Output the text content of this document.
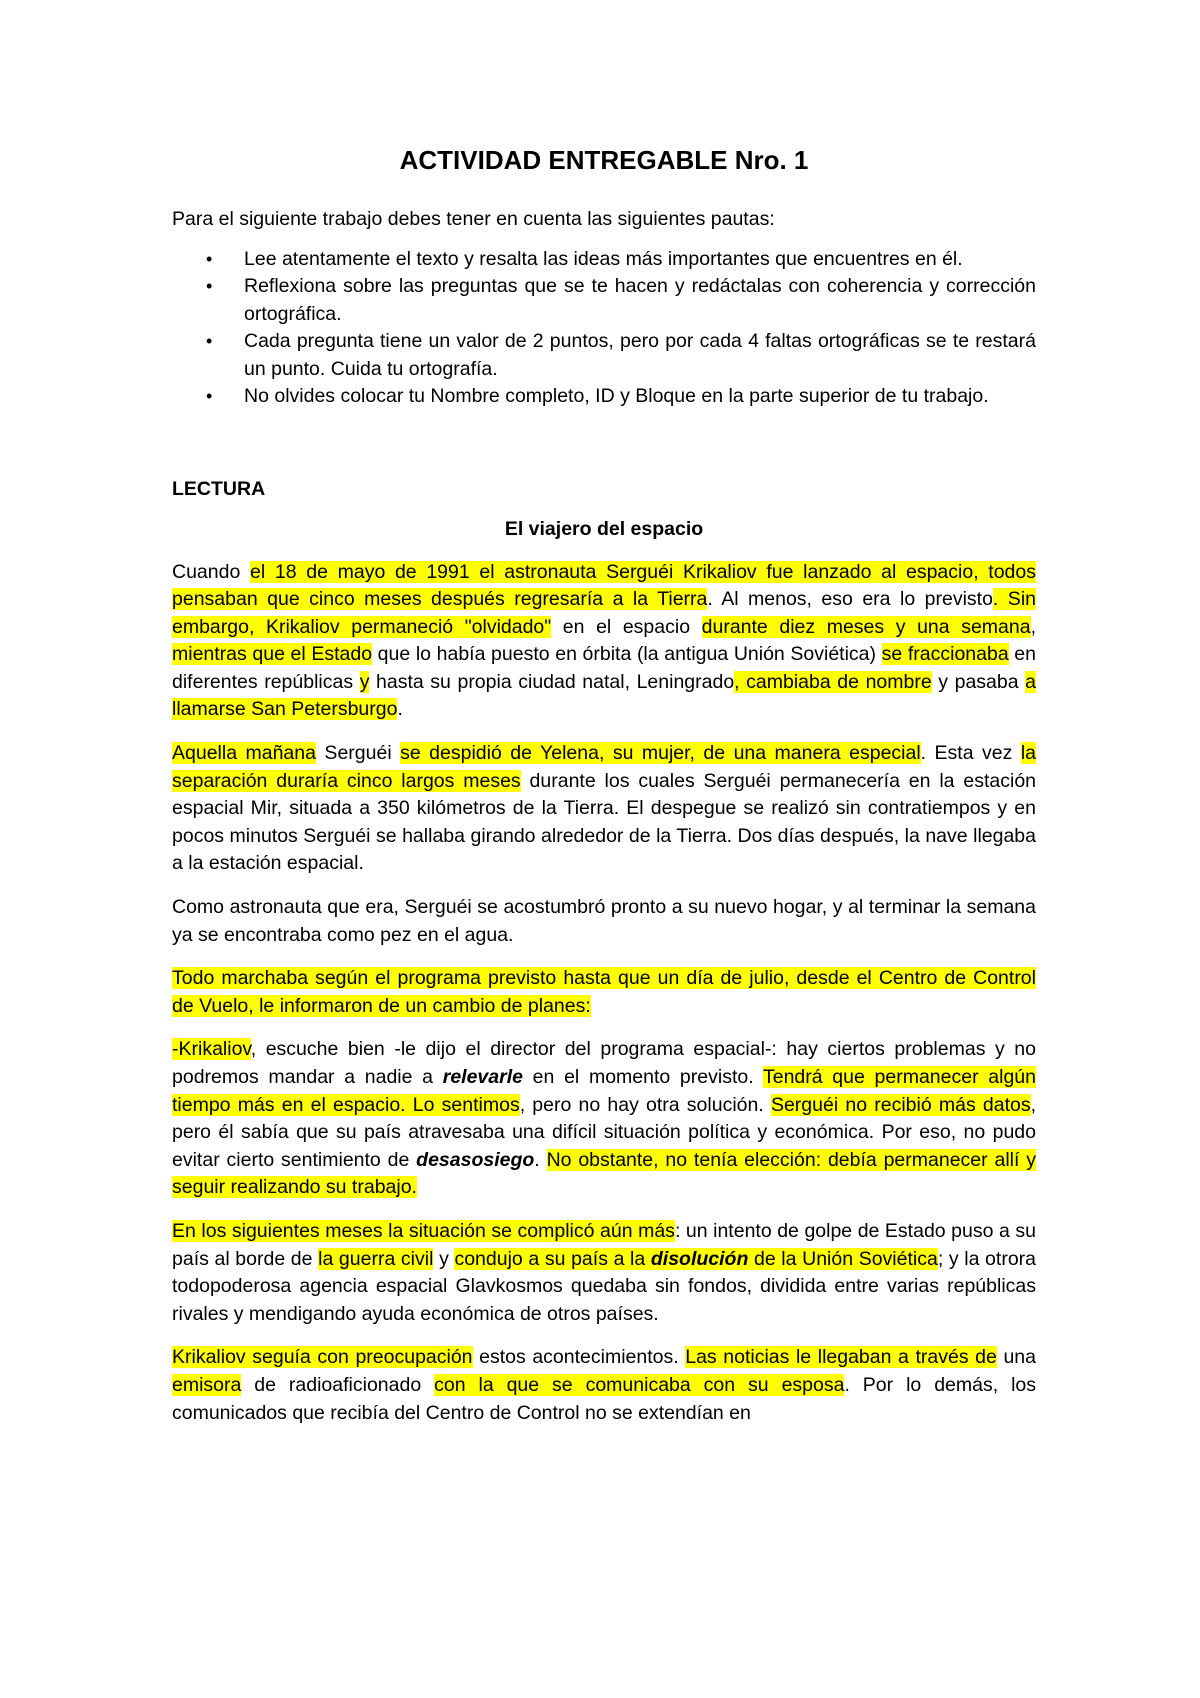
ACTIVIDAD ENTREGABLE Nro. 1

Para el siguiente trabajo debes tener en cuenta las siguientes pautas:

• Lee atentamente el texto y resalta las ideas más importantes que encuentres en él.
• Reflexiona sobre las preguntas que se te hacen y redáctalas con coherencia y corrección ortográfica.
• Cada pregunta tiene un valor de 2 puntos, pero por cada 4 faltas ortográficas se te restará un punto. Cuida tu ortografía.
• No olvides colocar tu Nombre completo, ID y Bloque en la parte superior de tu trabajo.
LECTURA
El viajero del espacio

Cuando el 18 de mayo de 1991 el astronauta Serguéi Krikaliov fue lanzado al espacio, todos pensaban que cinco meses después regresaría a la Tierra. Al menos, eso era lo previsto. Sin embargo, Krikaliov permaneció "olvidado" en el espacio durante diez meses y una semana, mientras que el Estado que lo había puesto en órbita (la antigua Unión Soviética) se fraccionaba en diferentes repúblicas y hasta su propia ciudad natal, Leningrado, cambiaba de nombre y pasaba a llamarse San Petersburgo.

Aquella mañana Serguéi se despidió de Yelena, su mujer, de una manera especial. Esta vez la separación duraría cinco largos meses durante los cuales Serguéi permanecería en la estación espacial Mir, situada a 350 kilómetros de la Tierra. El despegue se realizó sin contratiempos y en pocos minutos Serguéi se hallaba girando alrededor de la Tierra. Dos días después, la nave llegaba a la estación espacial.

Como astronauta que era, Serguéi se acostumbró pronto a su nuevo hogar, y al terminar la semana ya se encontraba como pez en el agua.

Todo marchaba según el programa previsto hasta que un día de julio, desde el Centro de Control de Vuelo, le informaron de un cambio de planes:

-Krikaliov, escuche bien -le dijo el director del programa espacial-: hay ciertos problemas y no podremos mandar a nadie a relevarle en el momento previsto. Tendrá que permanecer algún tiempo más en el espacio. Lo sentimos, pero no hay otra solución. Serguéi no recibió más datos, pero él sabía que su país atravesaba una difícil situación política y económica. Por eso, no pudo evitar cierto sentimiento de desasosiego. No obstante, no tenía elección: debía permanecer allí y seguir realizando su trabajo.

En los siguientes meses la situación se complicó aún más: un intento de golpe de Estado puso a su país al borde de la guerra civil y condujo a su país a la disolución de la Unión Soviética; y la otrora todopoderosa agencia espacial Glavkosmos quedaba sin fondos, dividida entre varias repúblicas rivales y mendigando ayuda económica de otros países.

Krikaliov seguía con preocupación estos acontecimientos. Las noticias le llegaban a través de una emisora de radioaficionado con la que se comunicaba con su esposa. Por lo demás, los comunicados que recibía del Centro de Control no se extendían en
